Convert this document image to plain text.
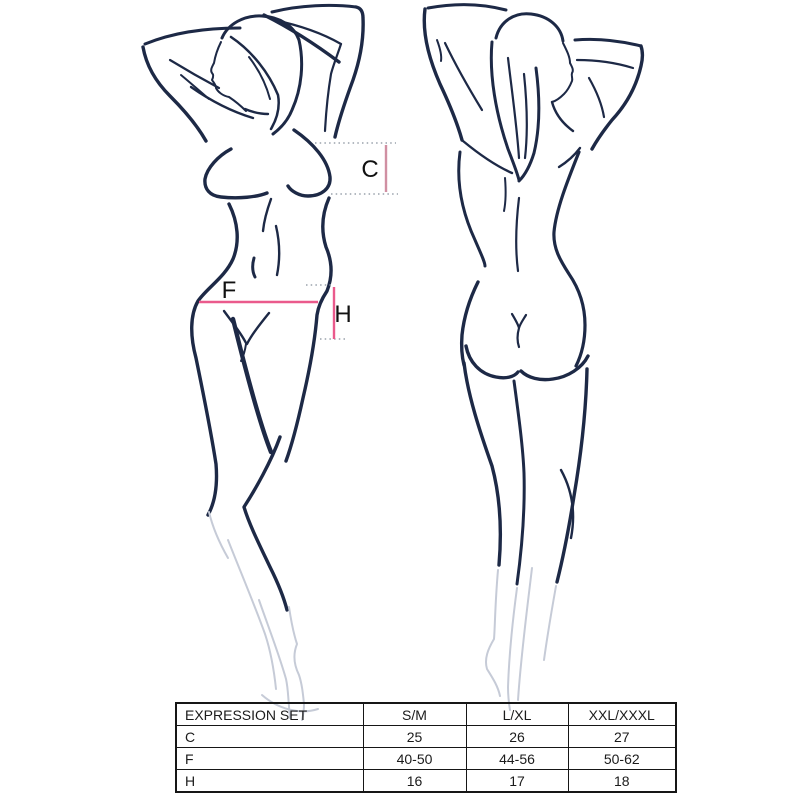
C
F
H
EXPRESSION SET	S/M	L/XL	XXL/XXXL
C	25	26	27
F	40-50	44-56	50-62
H	16	17	18
